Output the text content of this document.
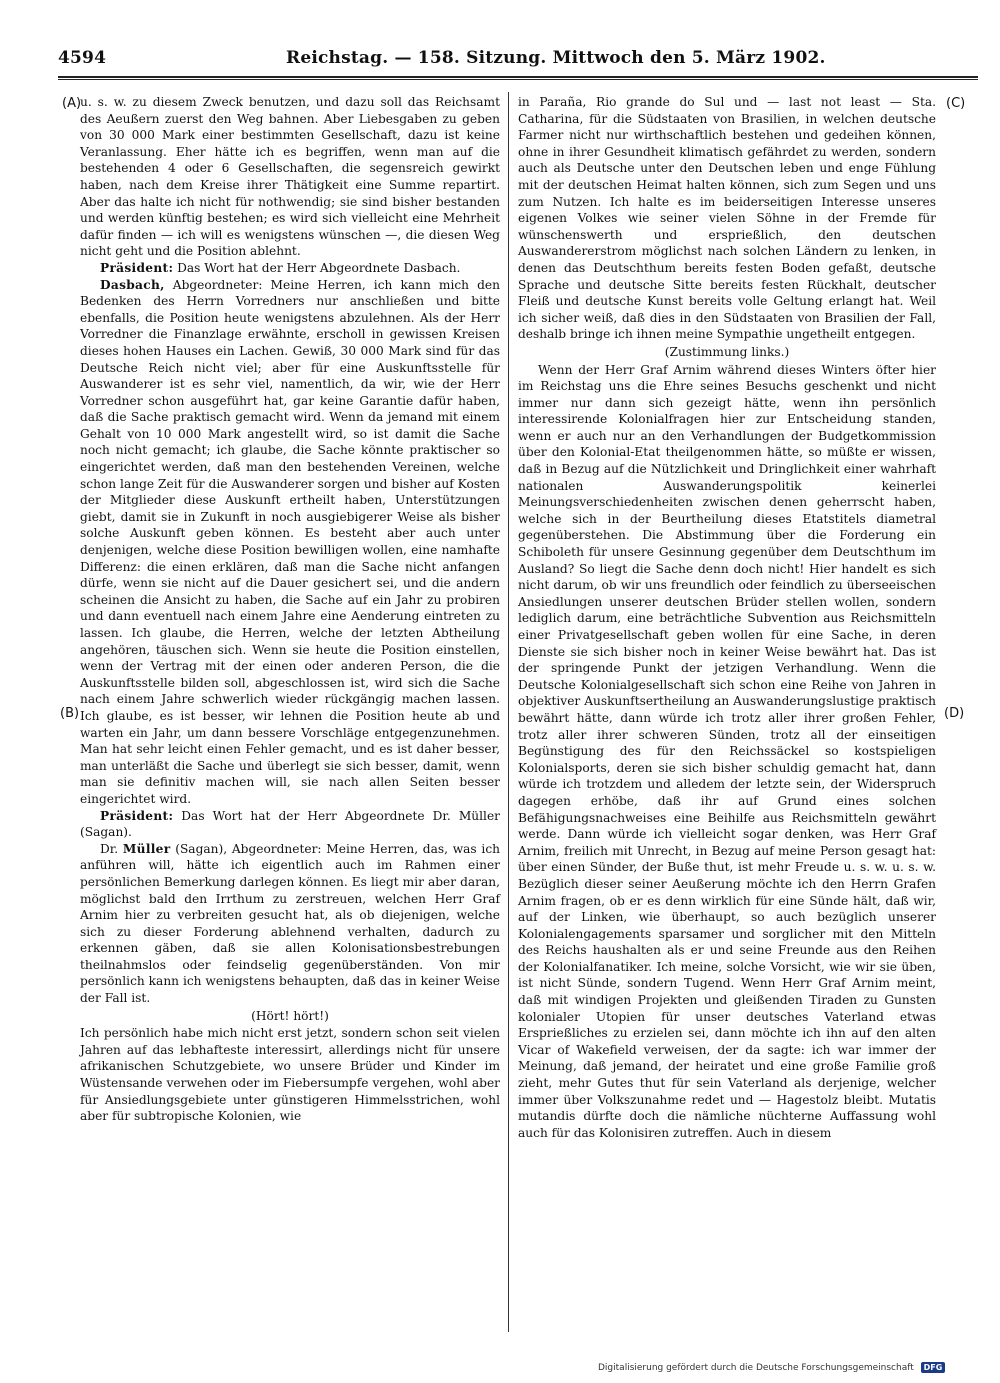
4594	Reichstag. — 158. Sitzung. Mittwoch den 5. März 1902.
(A)
(B)
(C)
(D)

u. s. w. zu diesem Zweck benutzen, und dazu soll das Reichsamt des Aeußern zuerst den Weg bahnen. Aber Liebesgaben zu geben von 30 000 Mark einer bestimmten Gesellschaft, dazu ist keine Veranlassung. Eher hätte ich es begriffen, wenn man auf die bestehenden 4 oder 6 Gesellschaften, die segensreich gewirkt haben, nach dem Kreise ihrer Thätigkeit eine Summe repartirt. Aber das halte ich nicht für nothwendig; sie sind bisher bestanden und werden künftig bestehen; es wird sich vielleicht eine Mehrheit dafür finden — ich will es wenigstens wünschen —, die diesen Weg nicht geht und die Position ablehnt.

Präsident: Das Wort hat der Herr Abgeordnete Dasbach.

Dasbach, Abgeordneter: Meine Herren, ich kann mich den Bedenken des Herrn Vorredners nur anschließen und bitte ebenfalls, die Position heute wenigstens abzulehnen. Als der Herr Vorredner die Finanzlage erwähnte, erscholl in gewissen Kreisen dieses hohen Hauses ein Lachen. Gewiß, 30 000 Mark sind für das Deutsche Reich nicht viel; aber für eine Auskunftsstelle für Auswanderer ist es sehr viel, namentlich, da wir, wie der Herr Vorredner schon ausgeführt hat, gar keine Garantie dafür haben, daß die Sache praktisch gemacht wird. Wenn da jemand mit einem Gehalt von 10 000 Mark angestellt wird, so ist damit die Sache noch nicht gemacht; ich glaube, die Sache könnte praktischer so eingerichtet werden, daß man den bestehenden Vereinen, welche schon lange Zeit für die Auswanderer sorgen und bisher auf Kosten der Mitglieder diese Auskunft ertheilt haben, Unterstützungen giebt, damit sie in Zukunft in noch ausgiebigerer Weise als bisher solche Auskunft geben können. Es besteht aber auch unter denjenigen, welche diese Position bewilligen wollen, eine namhafte Differenz: die einen erklären, daß man die Sache nicht anfangen dürfe, wenn sie nicht auf die Dauer gesichert sei, und die andern scheinen die Ansicht zu haben, die Sache auf ein Jahr zu probiren und dann eventuell nach einem Jahre eine Aenderung eintreten zu lassen. Ich glaube, die Herren, welche der letzten Abtheilung angehören, täuschen sich. Wenn sie heute die Position einstellen, wenn der Vertrag mit der einen oder anderen Person, die die Auskunftsstelle bilden soll, abgeschlossen ist, wird sich die Sache nach einem Jahre schwerlich wieder rückgängig machen lassen. Ich glaube, es ist besser, wir lehnen die Position heute ab und warten ein Jahr, um dann bessere Vorschläge entgegenzunehmen. Man hat sehr leicht einen Fehler gemacht, und es ist daher besser, man unterläßt die Sache und überlegt sie sich besser, damit, wenn man sie definitiv machen will, sie nach allen Seiten besser eingerichtet wird.

Präsident: Das Wort hat der Herr Abgeordnete Dr. Müller (Sagan).

Dr. Müller (Sagan), Abgeordneter: Meine Herren, das, was ich anführen will, hätte ich eigentlich auch im Rahmen einer persönlichen Bemerkung darlegen können. Es liegt mir aber daran, möglichst bald den Irrthum zu zerstreuen, welchen Herr Graf Arnim hier zu verbreiten gesucht hat, als ob diejenigen, welche sich zu dieser Forderung ablehnend verhalten, dadurch zu erkennen gäben, daß sie allen Kolonisationsbestrebungen theilnahmslos oder feindselig gegenüberständen. Von mir persönlich kann ich wenigstens behaupten, daß das in keiner Weise der Fall ist.

(Hört! hört!)

Ich persönlich habe mich nicht erst jetzt, sondern schon seit vielen Jahren auf das lebhafteste interessirt, allerdings nicht für unsere afrikanischen Schutzgebiete, wo unsere Brüder und Kinder im Wüstensande verwehen oder im Fiebersumpfe vergehen, wohl aber für Ansiedlungsgebiete unter günstigeren Himmelsstrichen, wohl aber für subtropische Kolonien, wie

in Paraña, Rio grande do Sul und — last not least — Sta. Catharina, für die Südstaaten von Brasilien, in welchen deutsche Farmer nicht nur wirthschaftlich bestehen und gedeihen können, ohne in ihrer Gesundheit klimatisch gefährdet zu werden, sondern auch als Deutsche unter den Deutschen leben und enge Fühlung mit der deutschen Heimat halten können, sich zum Segen und uns zum Nutzen. Ich halte es im beiderseitigen Interesse unseres eigenen Volkes wie seiner vielen Söhne in der Fremde für wünschenswerth und ersprießlich, den deutschen Auswandererstrom möglichst nach solchen Ländern zu lenken, in denen das Deutschthum bereits festen Boden gefaßt, deutsche Sprache und deutsche Sitte bereits festen Rückhalt, deutscher Fleiß und deutsche Kunst bereits volle Geltung erlangt hat. Weil ich sicher weiß, daß dies in den Südstaaten von Brasilien der Fall, deshalb bringe ich ihnen meine Sympathie ungetheilt entgegen.

(Zustimmung links.)

Wenn der Herr Graf Arnim während dieses Winters öfter hier im Reichstag uns die Ehre seines Besuchs geschenkt und nicht immer nur dann sich gezeigt hätte, wenn ihn persönlich interessirende Kolonialfragen hier zur Entscheidung standen, wenn er auch nur an den Verhandlungen der Budgetkommission über den Kolonial-Etat theilgenommen hätte, so müßte er wissen, daß in Bezug auf die Nützlichkeit und Dringlichkeit einer wahrhaft nationalen Auswanderungspolitik keinerlei Meinungsverschiedenheiten zwischen denen geherrscht haben, welche sich in der Beurtheilung dieses Etatstitels diametral gegenüberstehen. Die Abstimmung über die Forderung ein Schiboleth für unsere Gesinnung gegenüber dem Deutschthum im Ausland? So liegt die Sache denn doch nicht! Hier handelt es sich nicht darum, ob wir uns freundlich oder feindlich zu überseeischen Ansiedlungen unserer deutschen Brüder stellen wollen, sondern lediglich darum, eine beträchtliche Subvention aus Reichsmitteln einer Privatgesellschaft geben wollen für eine Sache, in deren Dienste sie sich bisher noch in keiner Weise bewährt hat. Das ist der springende Punkt der jetzigen Verhandlung. Wenn die Deutsche Kolonialgesellschaft sich schon eine Reihe von Jahren in objektiver Auskunftsertheilung an Auswanderungslustige praktisch bewährt hätte, dann würde ich trotz aller ihrer großen Fehler, trotz aller ihrer schweren Sünden, trotz all der einseitigen Begünstigung des für den Reichssäckel so kostspieligen Kolonialsports, deren sie sich bisher schuldig gemacht hat, dann würde ich trotzdem und alledem der letzte sein, der Widerspruch dagegen erhöbe, daß ihr auf Grund eines solchen Befähigungsnachweises eine Beihilfe aus Reichsmitteln gewährt werde. Dann würde ich vielleicht sogar denken, was Herr Graf Arnim, freilich mit Unrecht, in Bezug auf meine Person gesagt hat: über einen Sünder, der Buße thut, ist mehr Freude u. s. w. u. s. w. Bezüglich dieser seiner Aeußerung möchte ich den Herrn Grafen Arnim fragen, ob er es denn wirklich für eine Sünde hält, daß wir, auf der Linken, wie überhaupt, so auch bezüglich unserer Kolonialengagements sparsamer und sorglicher mit den Mitteln des Reichs haushalten als er und seine Freunde aus den Reihen der Kolonialfanatiker. Ich meine, solche Vorsicht, wie wir sie üben, ist nicht Sünde, sondern Tugend. Wenn Herr Graf Arnim meint, daß mit windigen Projekten und gleißenden Tiraden zu Gunsten kolonialer Utopien für unser deutsches Vaterland etwas Ersprießliches zu erzielen sei, dann möchte ich ihn auf den alten Vicar of Wakefield verweisen, der da sagte: ich war immer der Meinung, daß jemand, der heiratet und eine große Familie groß zieht, mehr Gutes thut für sein Vaterland als derjenige, welcher immer über Volkszunahme redet und — Hagestolz bleibt. Mutatis mutandis dürfte doch die nämliche nüchterne Auffassung wohl auch für das Kolonisiren zutreffen. Auch in diesem

Digitalisierung gefördert durch die Deutsche Forschungsgemeinschaft DFG
